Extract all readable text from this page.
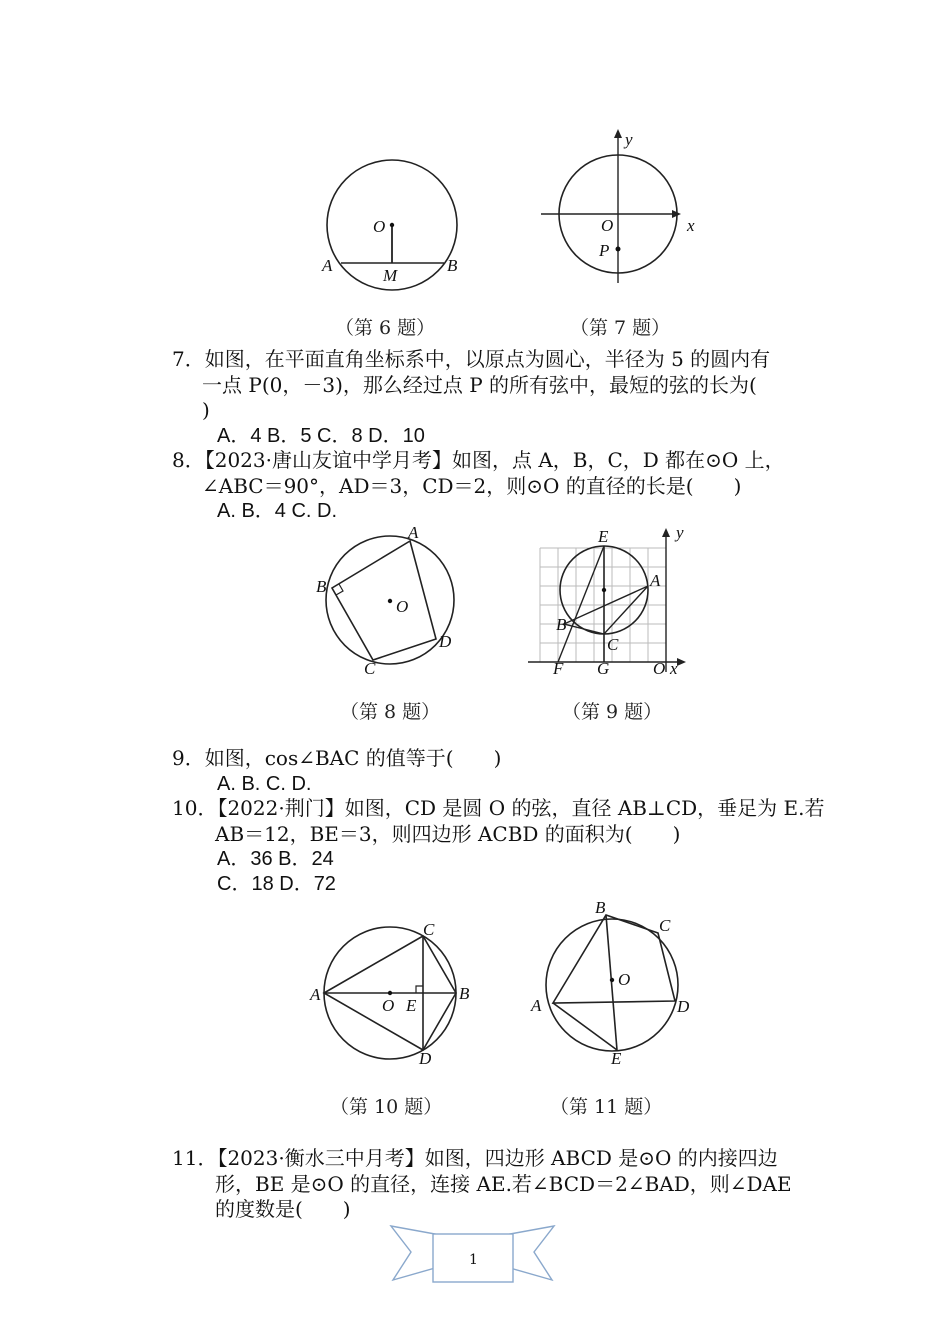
O
A
M
B
（第 6 题）
y
x
O
P
（第 7 题）
7．如图，在平面直角坐标系中，以原点为圆心，半径为 5 的圆内有
一点 P(0，－3)，那么经过点 P 的所有弦中，最短的弦的长为(
)
A．4 B．5 C．8 D．10
8．【2023·唐山友谊中学月考】如图，点 A，B，C，D 都在⊙O 上，
∠ABC＝90°，AD＝3，CD＝2，则⊙O 的直径的长是(　　)
A. B．4 C. D.
A
B
O
D
C
（第 8 题）
E	y
A
B
C
F G	O x
（第 9 题）
9．如图，cos∠BAC 的值等于(　　)
A. B. C. D.
10．【2022·荆门】如图，CD 是圆 O 的弦，直径 AB⊥CD，垂足为 E.若
AB＝12，BE＝3，则四边形 ACBD 的面积为(　　)
A．36 B．24
C．18 D．72
C
A
O E
B
D
（第 10 题）
B
C
O
A	D
E
（第 11 题）
11．【2023·衡水三中月考】如图，四边形 ABCD 是⊙O 的内接四边
形，BE 是⊙O 的直径，连接 AE.若∠BCD＝2∠BAD，则∠DAE
的度数是(　　)
1
